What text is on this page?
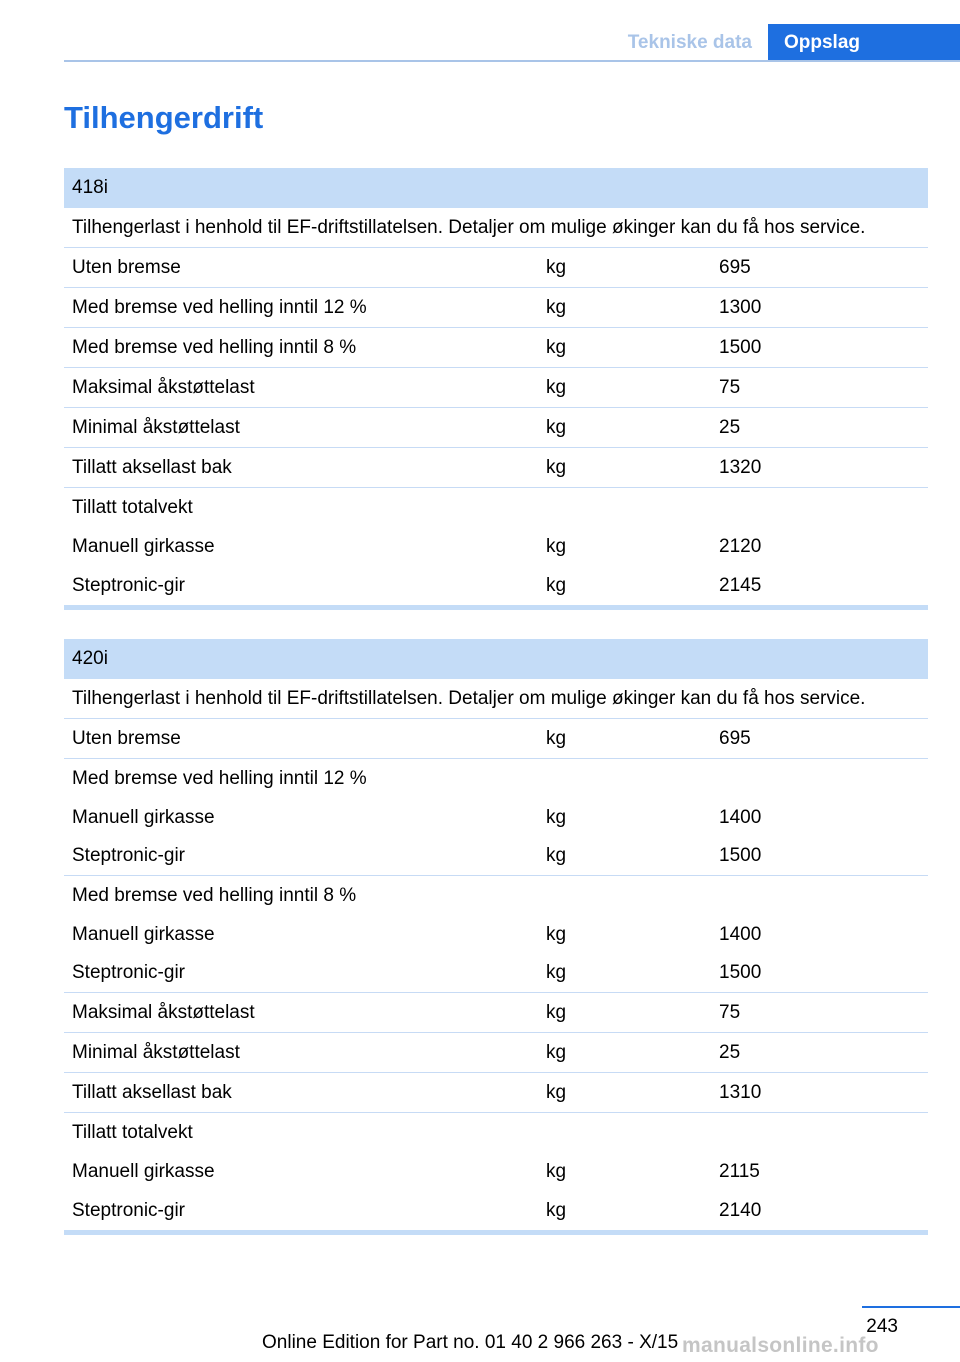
Tekniske data	Oppslag
Tilhengerdrift
418i
Tilhengerlast i henhold til EF-driftstillatelsen. Detaljer om mulige økinger kan du få hos service.
Uten bremse	kg	695
Med bremse ved helling inntil 12 %	kg	1300
Med bremse ved helling inntil 8 %	kg	1500
Maksimal åkstøttelast	kg	75
Minimal åkstøttelast	kg	25
Tillatt aksellast bak	kg	1320
Tillatt totalvekt
Manuell girkasse	kg	2120
Steptronic-gir	kg	2145
420i
Tilhengerlast i henhold til EF-driftstillatelsen. Detaljer om mulige økinger kan du få hos service.
Uten bremse	kg	695
Med bremse ved helling inntil 12 %
Manuell girkasse	kg	1400
Steptronic-gir	kg	1500
Med bremse ved helling inntil 8 %
Manuell girkasse	kg	1400
Steptronic-gir	kg	1500
Maksimal åkstøttelast	kg	75
Minimal åkstøttelast	kg	25
Tillatt aksellast bak	kg	1310
Tillatt totalvekt
Manuell girkasse	kg	2115
Steptronic-gir	kg	2140
243
Online Edition for Part no. 01 40 2 966 263 - X/15 manualsonline.info
